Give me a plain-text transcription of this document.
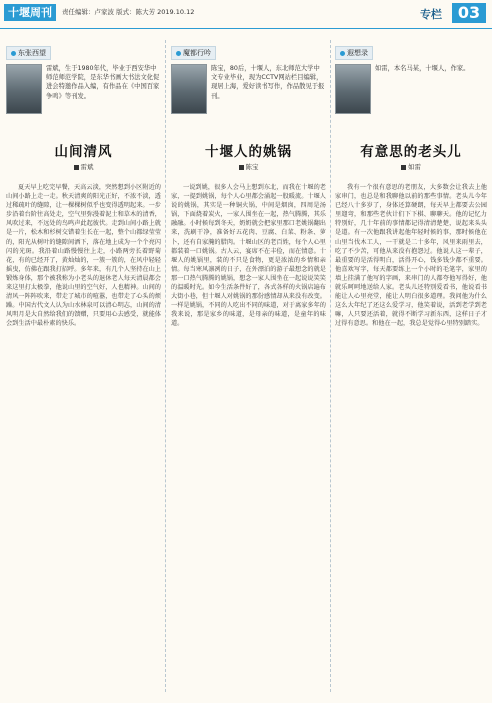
十堰周刊	责任编辑：卢家波 版式：陈大芳 2019.10.12	专栏 03
东张西望
雷斌，生于1980年代，毕业于西安华中师范师范学院，是东华书画大书法文化促进会特邀作品入编，有作品在《中国百家争鸣》等刊发。
山间清风
雷斌
夏天早上吃完早餐，天高云淡，突然想到小区附近的山间小路上走一走。秋天清爽的阳光正好，不浓不淡，透过稀疏叶的缝隙，让一棵棵树似乎也变得透明起来。一步步沿着台阶往高处走，空气里弥漫着泥土和草木的清香，风吹过来，不远处的鸟鸣声此起彼伏。走到山间小路上就是一片，松木和杉树交错着生长在一起，整个山都绿莹莹的，阳光从树叶的缝隙间洒下，落在地上成为一个个亮闪闪的光斑。我沿着山路慢慢往上走，小路两旁长着野菊花，有的已经开了，黄灿灿的，一簇一簇的，在风中轻轻摇曳，仿佛在跟我打招呼。多年来，有几个人坚持在山上锻炼身体，那个被我称为小老头的退休老人每天清晨都会来这里打太极拳，他说山里的空气好，人也精神。山间的清风一阵阵吹来，带走了城市的喧嚣，也带走了心头的烦躁。中国古代文人认为山水林泉可以清心明志，山间的清风明月是大自然给我们的馈赠，只要用心去感受，就能体会到生活中最朴素的快乐。
魔都行吟
陈宝，80后，十堰人，东北师范大学中文专业毕业，现为CCTV网站栏目编辑，现居上海，爱好读书写作，作品散见于报刊。
十堰人的姚锅
陈宝
一说到姚，很多人会马上想到东北，而我在十堰的老家，一提到姚锅，每个人心里都会涌起一股暖流。十堰人说的姚锅，其实是一种铜火锅，中间是烟囱，四周是汤锅，下面烧着炭火，一家人围坐在一起，热气腾腾，其乐融融。小时候每到冬天，奶奶就会把家里那口老姚锅翻出来，洗刷干净，准备好五花肉、豆腐、白菜、粉条、萝卜，还有自家腌的腊肉。十堰山区的老百姓，每个人心里都装着一口姚锅。古人云，宴席不在丰俭，而在情意。十堰人的姚锅里，装的不只是食物，更是浓浓的乡情和亲情。每当寒风凛冽的日子，在外漂泊的游子最想念的就是那一口热气腾腾的姚锅，想念一家人围坐在一起说说笑笑的温暖时光。如今生活条件好了，各式各样的火锅店遍布大街小巷，但十堰人对姚锅的那份感情却从来没有改变。一样是姚锅，不同的人吃出不同的味道，对于离家多年的我来说，那是家乡的味道，是母亲的味道，是童年的味道。
遐想录
如雷，本名马某，十堰人，作家。
有意思的老头儿
如雷
我有一个很有意思的老朋友，大多数会让我去上他家串门，也总是和我聊他以前的那些事情。老头儿今年已经八十多岁了，身体还算硬朗，每天早上都要去公园里遛弯，和那些老伙计们下下棋、聊聊天。他的记忆力特别好，几十年前的事情都记得清清楚楚，说起来头头是道。有一次他跟我讲起他年轻时候的事，那时候他在山里当伐木工人，一干就是二十多年，风里来雨里去，吃了不少苦，可他从来没有抱怨过。他说人这一辈子，最重要的是活得明白，活得开心，钱多钱少都不重要。他喜欢写字，每天都要练上一个小时的毛笔字，家里的墙上挂满了他写的字画，来串门的人都夸他写得好，他就乐呵呵地送给人家。老头儿还特别爱看书，他说看书能让人心里亮堂，能让人明白很多道理。我问他为什么这么大年纪了还这么爱学习，他笑着说，活到老学到老嘛，人只要还活着，就得不断学习新东西，这样日子才过得有意思。和他在一起，我总是觉得心里特别踏实。
